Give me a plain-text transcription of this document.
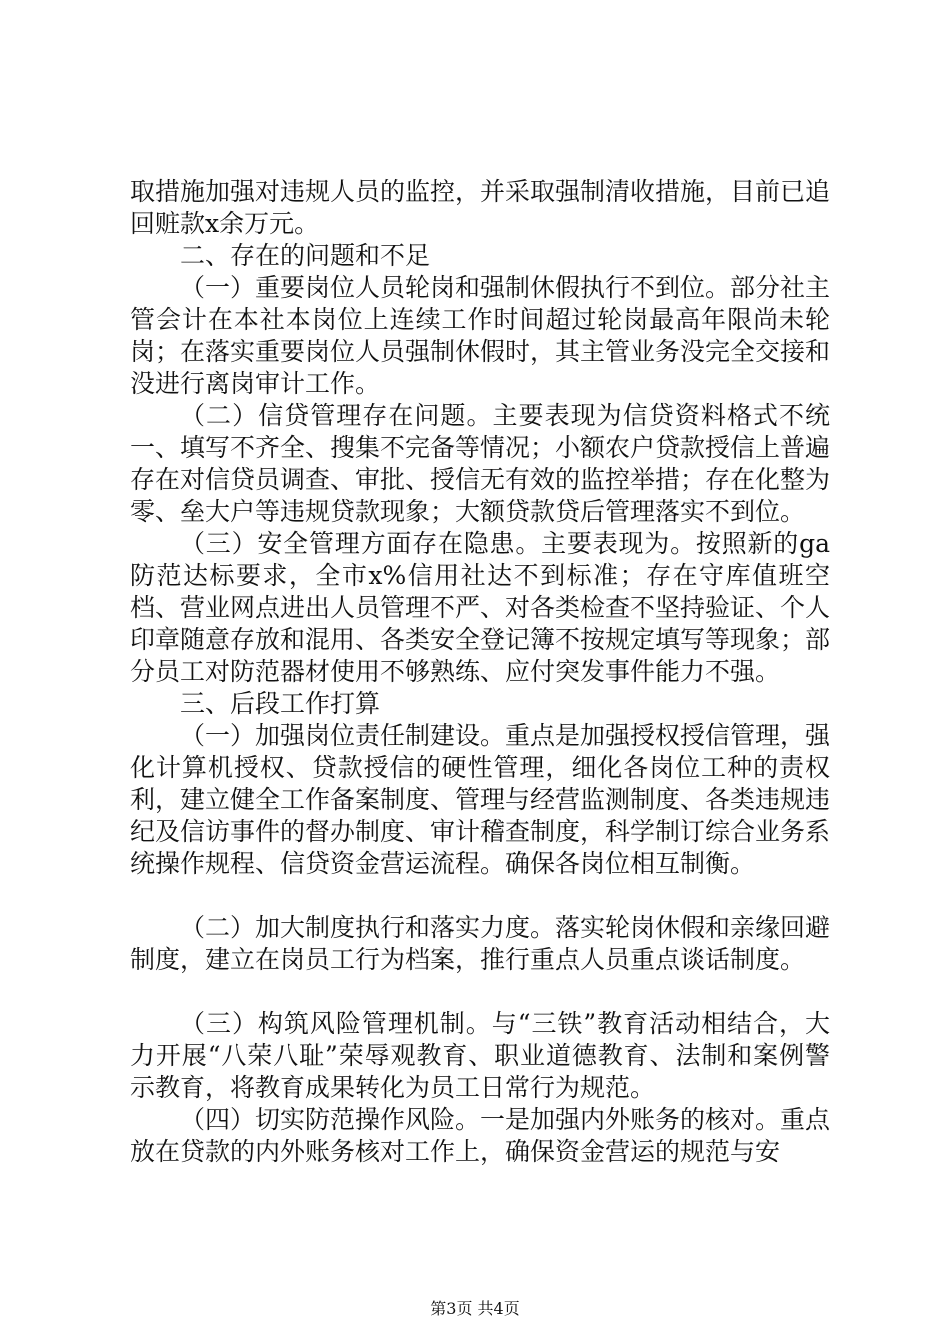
取措施加强对违规人员的监控，并采取强制清收措施，目前已追回赃款x余万元。

二、存在的问题和不足

（一）重要岗位人员轮岗和强制休假执行不到位。部分社主管会计在本社本岗位上连续工作时间超过轮岗最高年限尚未轮岗；在落实重要岗位人员强制休假时，其主管业务没完全交接和没进行离岗审计工作。

（二）信贷管理存在问题。主要表现为信贷资料格式不统一、填写不齐全、搜集不完备等情况；小额农户贷款授信上普遍存在对信贷员调查、审批、授信无有效的监控举措；存在化整为零、垒大户等违规贷款现象；大额贷款贷后管理落实不到位。

（三）安全管理方面存在隐患。主要表现为。按照新的ga防范达标要求，全市x%信用社达不到标准；存在守库值班空档、营业网点进出人员管理不严、对各类检查不坚持验证、个人印章随意存放和混用、各类安全登记簿不按规定填写等现象；部分员工对防范器材使用不够熟练、应付突发事件能力不强。

三、后段工作打算

（一）加强岗位责任制建设。重点是加强授权授信管理，强化计算机授权、贷款授信的硬性管理，细化各岗位工种的责权利，建立健全工作备案制度、管理与经营监测制度、各类违规违纪及信访事件的督办制度、审计稽查制度，科学制订综合业务系统操作规程、信贷资金营运流程。确保各岗位相互制衡。

（二）加大制度执行和落实力度。落实轮岗休假和亲缘回避制度，建立在岗员工行为档案，推行重点人员重点谈话制度。

（三）构筑风险管理机制。与“三铁”教育活动相结合，大力开展“八荣八耻”荣辱观教育、职业道德教育、法制和案例警示教育，将教育成果转化为员工日常行为规范。

（四）切实防范操作风险。一是加强内外账务的核对。重点放在贷款的内外账务核对工作上，确保资金营运的规范与安

第3页 共4页
